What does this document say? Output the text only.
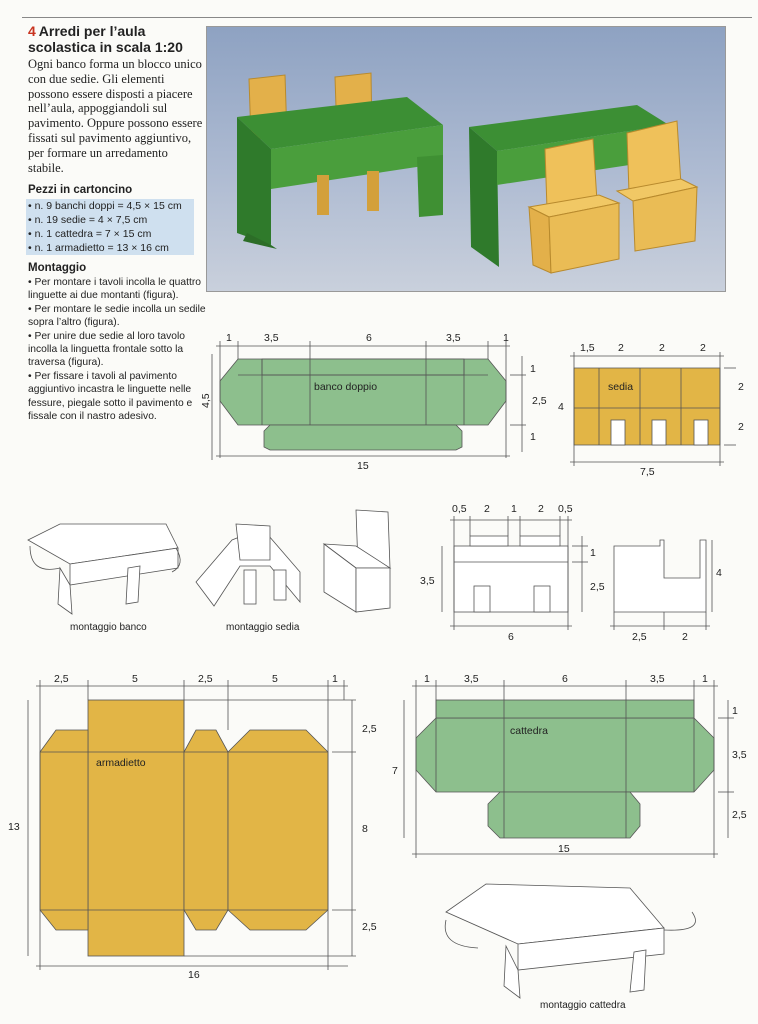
4 Arredi per l’aula scolastica in scala 1:20
Ogni banco forma un blocco unico con due sedie. Gli elementi possono essere disposti a piacere nell’aula, appoggiandoli sul pavimento. Oppure possono essere fissati sul pavimento aggiuntivo, per formare un arredamento stabile.
Pezzi in cartoncino
• n. 9 banchi doppi = 4,5 × 15 cm
• n. 19 sedie = 4 × 7,5 cm
• n. 1 cattedra = 7 × 15 cm
• n. 1 armadietto = 13 × 16 cm
Montaggio
• Per montare i tavoli incolla le quattro linguette ai due montanti (figura).
• Per montare le sedie incolla un sedile sopra l’altro (figura).
• Per unire due sedie al loro tavolo incolla la linguetta frontale sotto la traversa (figura).
• Per fissare i tavoli al pavimento aggiuntivo incastra le linguette nelle fessure, piegale sotto il pavimento e fissale con il nastro adesivo.
banco doppio
1	3,5	6	3,5	1
4,5
1
2,5
1
15
sedia
1,5 2	2	2
4
2
2
7,5
0,5 2 1 2 0,5
3,5
1
2,5
6
4
2,5	2
armadietto
2,5	5	2,5	5	1
13
2,5
8
2,5
16
cattedra
1	3,5	6	3,5	1
7
1
3,5
2,5
15
montaggio banco	montaggio sedia
montaggio cattedra
